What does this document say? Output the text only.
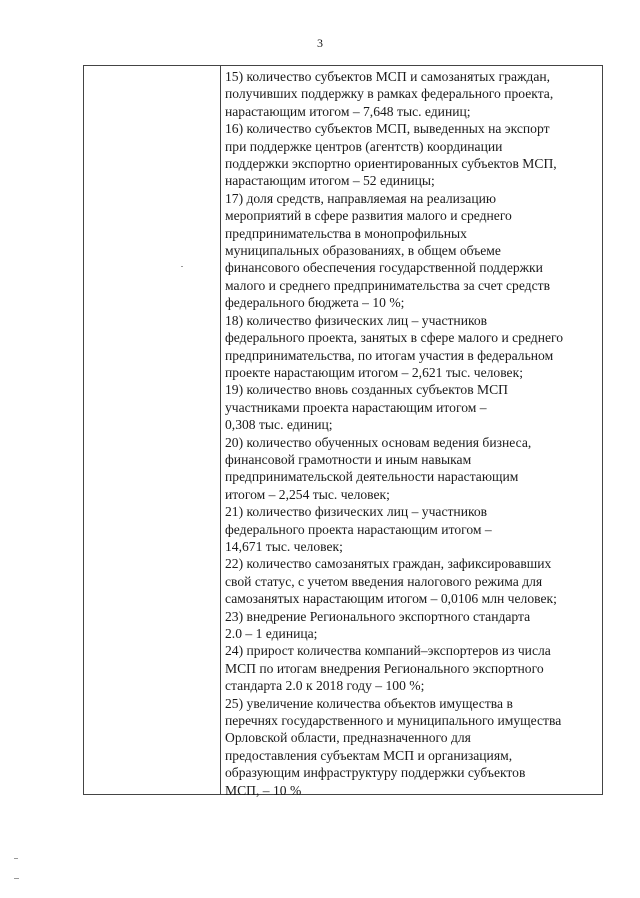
3
15) количество субъектов МСП и самозанятых граждан,
получивших поддержку в рамках федерального проекта,
нарастающим итогом – 7,648 тыс. единиц;
16) количество субъектов МСП, выведенных на экспорт
при поддержке центров (агентств) координации
поддержки экспортно ориентированных субъектов МСП,
нарастающим итогом – 52 единицы;
17) доля средств, направляемая на реализацию
мероприятий в сфере развития малого и среднего
предпринимательства в монопрофильных
муниципальных образованиях, в общем объеме
финансового обеспечения государственной поддержки
малого и среднего предпринимательства за счет средств
федерального бюджета – 10 %;
18) количество физических лиц – участников
федерального проекта, занятых в сфере малого и среднего
предпринимательства, по итогам участия в федеральном
проекте нарастающим итогом – 2,621 тыс. человек;
19) количество вновь созданных субъектов МСП
участниками проекта нарастающим итогом –
0,308 тыс. единиц;
20) количество обученных основам ведения бизнеса,
финансовой грамотности и иным навыкам
предпринимательской деятельности нарастающим
итогом – 2,254 тыс. человек;
21) количество физических лиц – участников
федерального проекта нарастающим итогом –
14,671 тыс. человек;
22) количество самозанятых граждан, зафиксировавших
свой статус, с учетом введения налогового режима для
самозанятых нарастающим итогом – 0,0106 млн человек;
23) внедрение Регионального экспортного стандарта
2.0 – 1 единица;
24) прирост количества компаний–экспортеров из числа
МСП по итогам внедрения Регионального экспортного
стандарта 2.0 к 2018 году – 100 %;
25) увеличение количества объектов имущества в
перечнях государственного и муниципального имущества
Орловской области, предназначенного для
предоставления субъектам МСП и организациям,
образующим инфраструктуру поддержки субъектов
МСП, – 10 %
